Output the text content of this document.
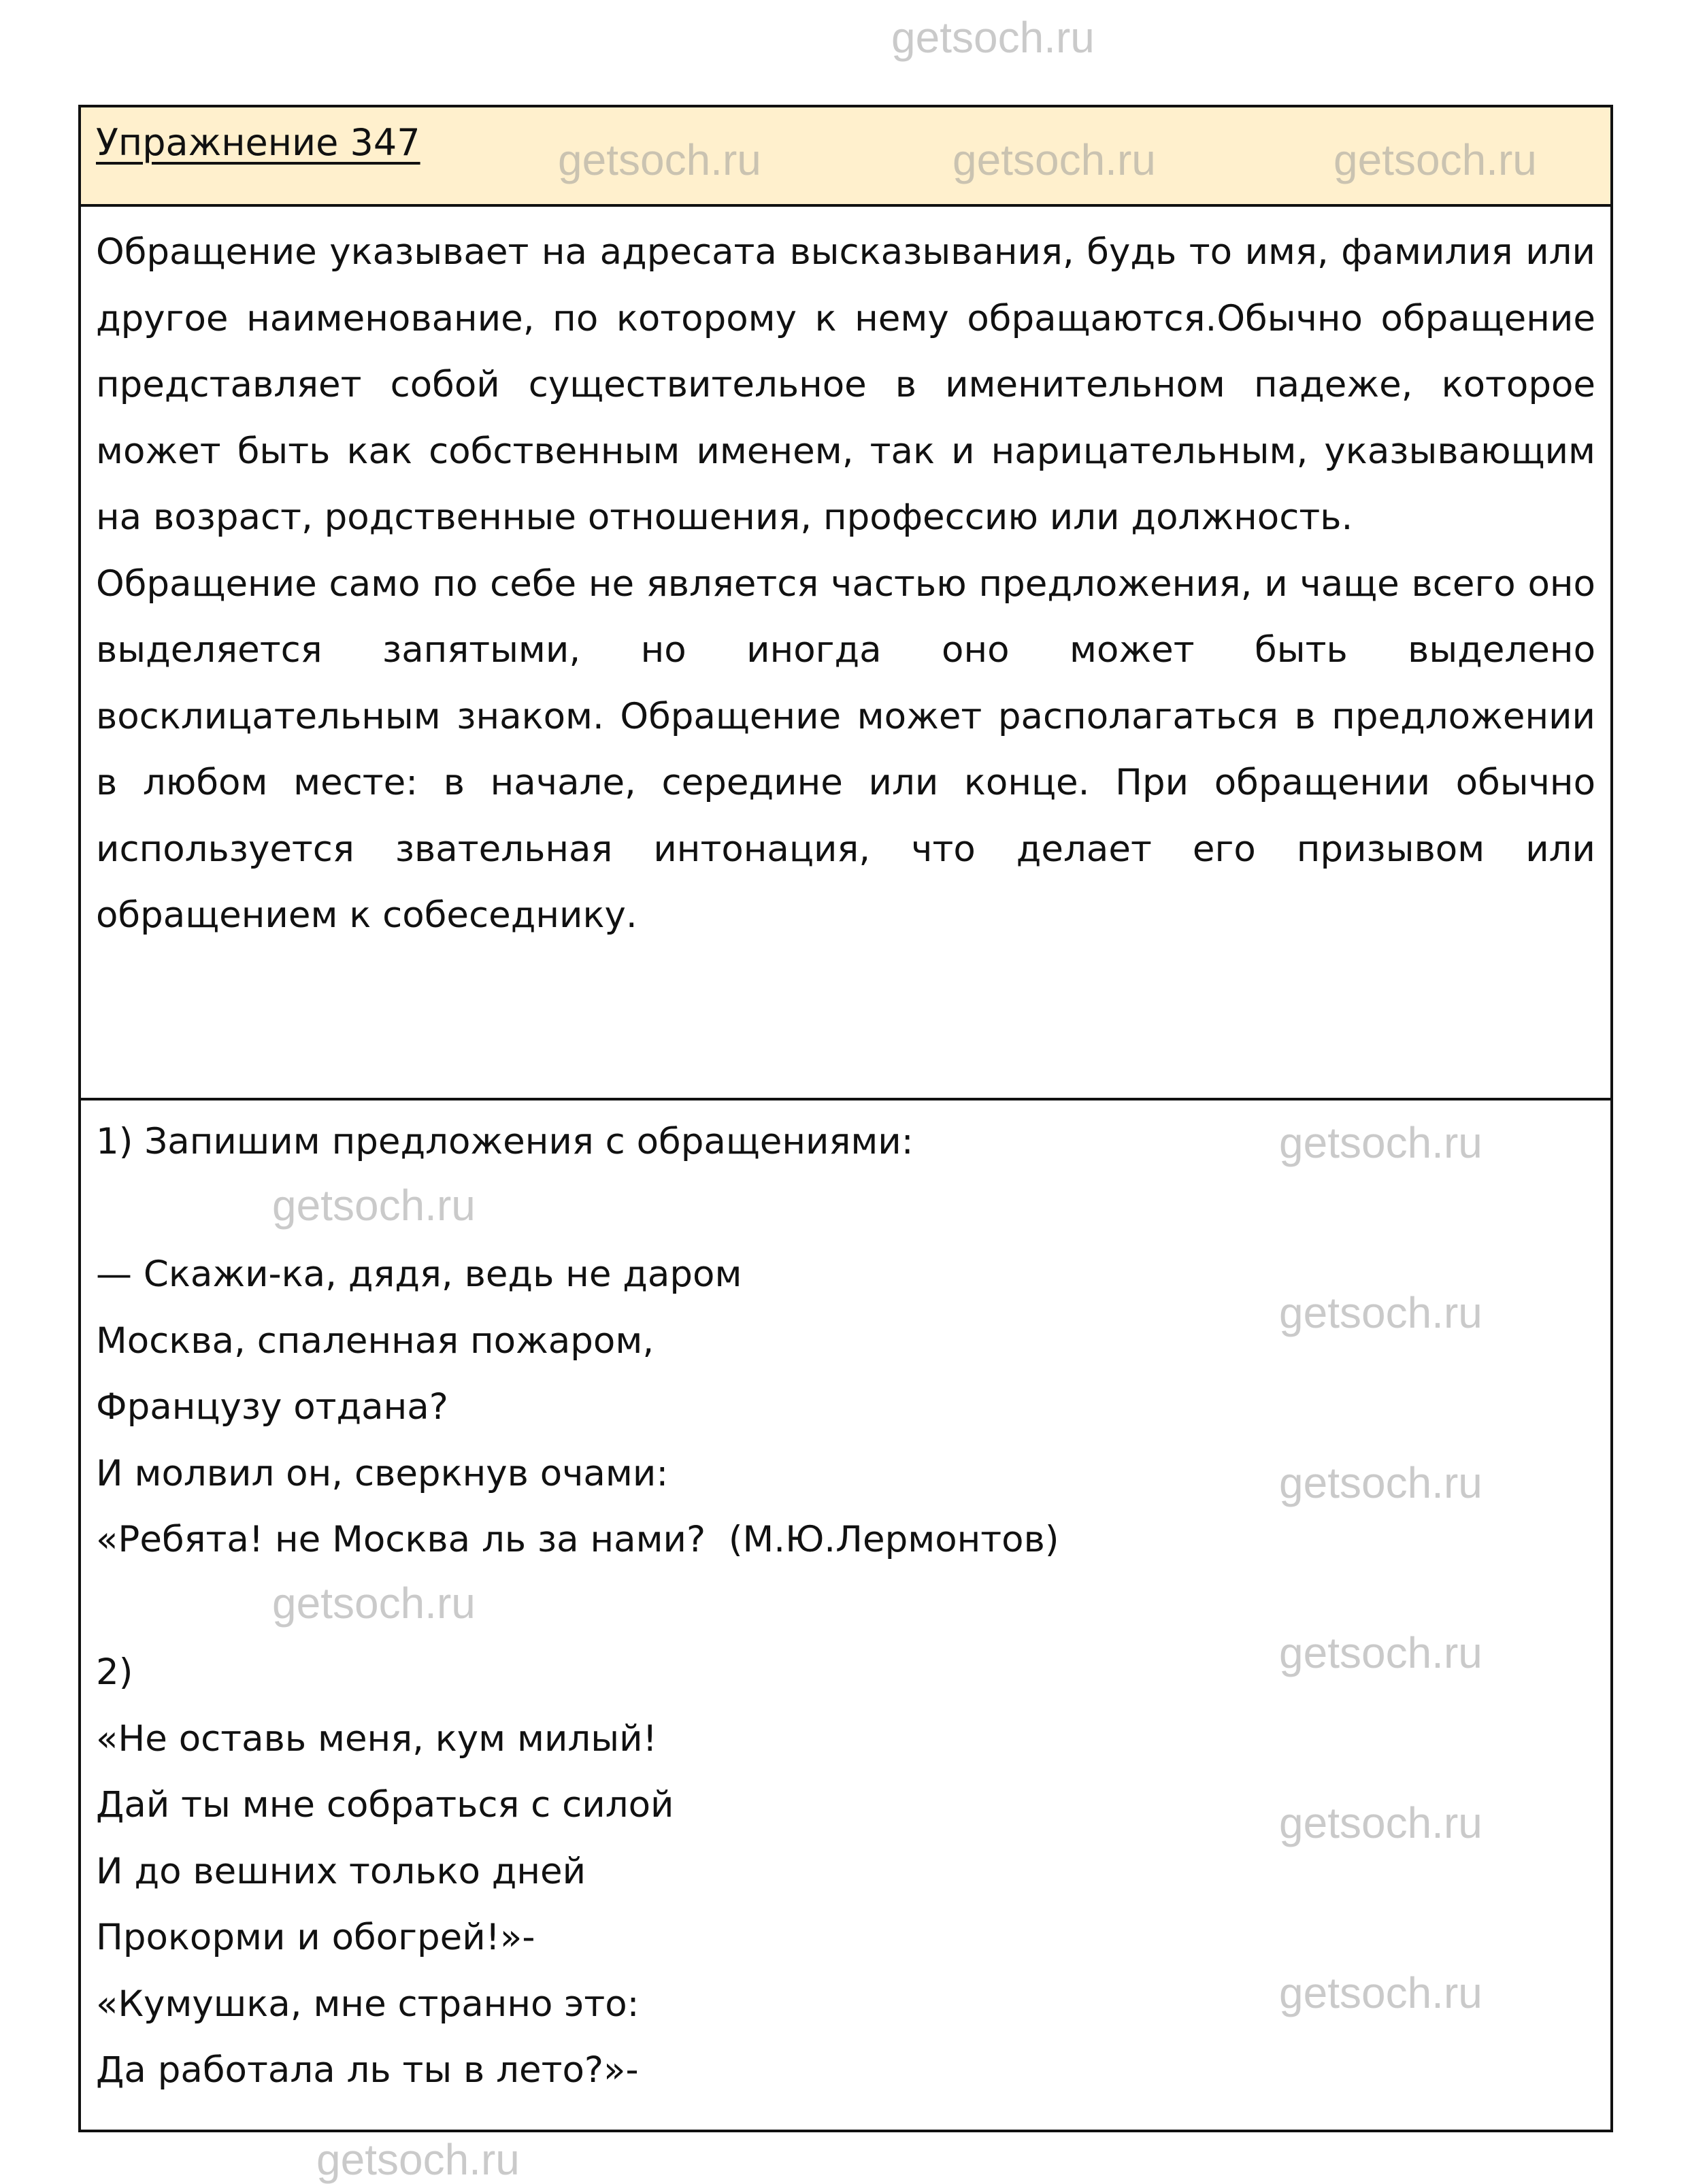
Упражнение 347

Обращение указывает на адресата высказывания, будь то имя, фамилия или другое наименование, по которому к нему обращаются.Обычно обращение представляет собой существительное в именительном падеже, которое может быть как собственным именем, так и нарицательным, указывающим на возраст, родственные отношения, профессию или должность.

Обращение само по себе не является частью предложения, и чаще всего оно выделяется запятыми, но иногда оно может быть выделено восклицательным знаком. Обращение может располагаться в предложении в любом месте: в начале, середине или конце. При обращении обычно используется звательная интонация, что делает его призывом или обращением к собеседнику.

1) Запишим предложения с обращениями:
— Скажи-ка, дядя, ведь не даром
Москва, спаленная пожаром,
Французу отдана?
И молвил он, сверкнув очами:
«Ребята! не Москва ль за нами?  (М.Ю.Лермонтов)
2)
«Не оставь меня, кум милый!
Дай ты мне собраться с силой
И до вешних только дней
Прокорми и обогрей!»-
«Кумушка, мне странно это:
Да работала ль ты в лето?»-
getsoch.ru
getsoch.ru	getsoch.ru	getsoch.ru
getsoch.ru
getsoch.ru
getsoch.ru
getsoch.ru
getsoch.ru
getsoch.ru
getsoch.ru
getsoch.ru
getsoch.ru
